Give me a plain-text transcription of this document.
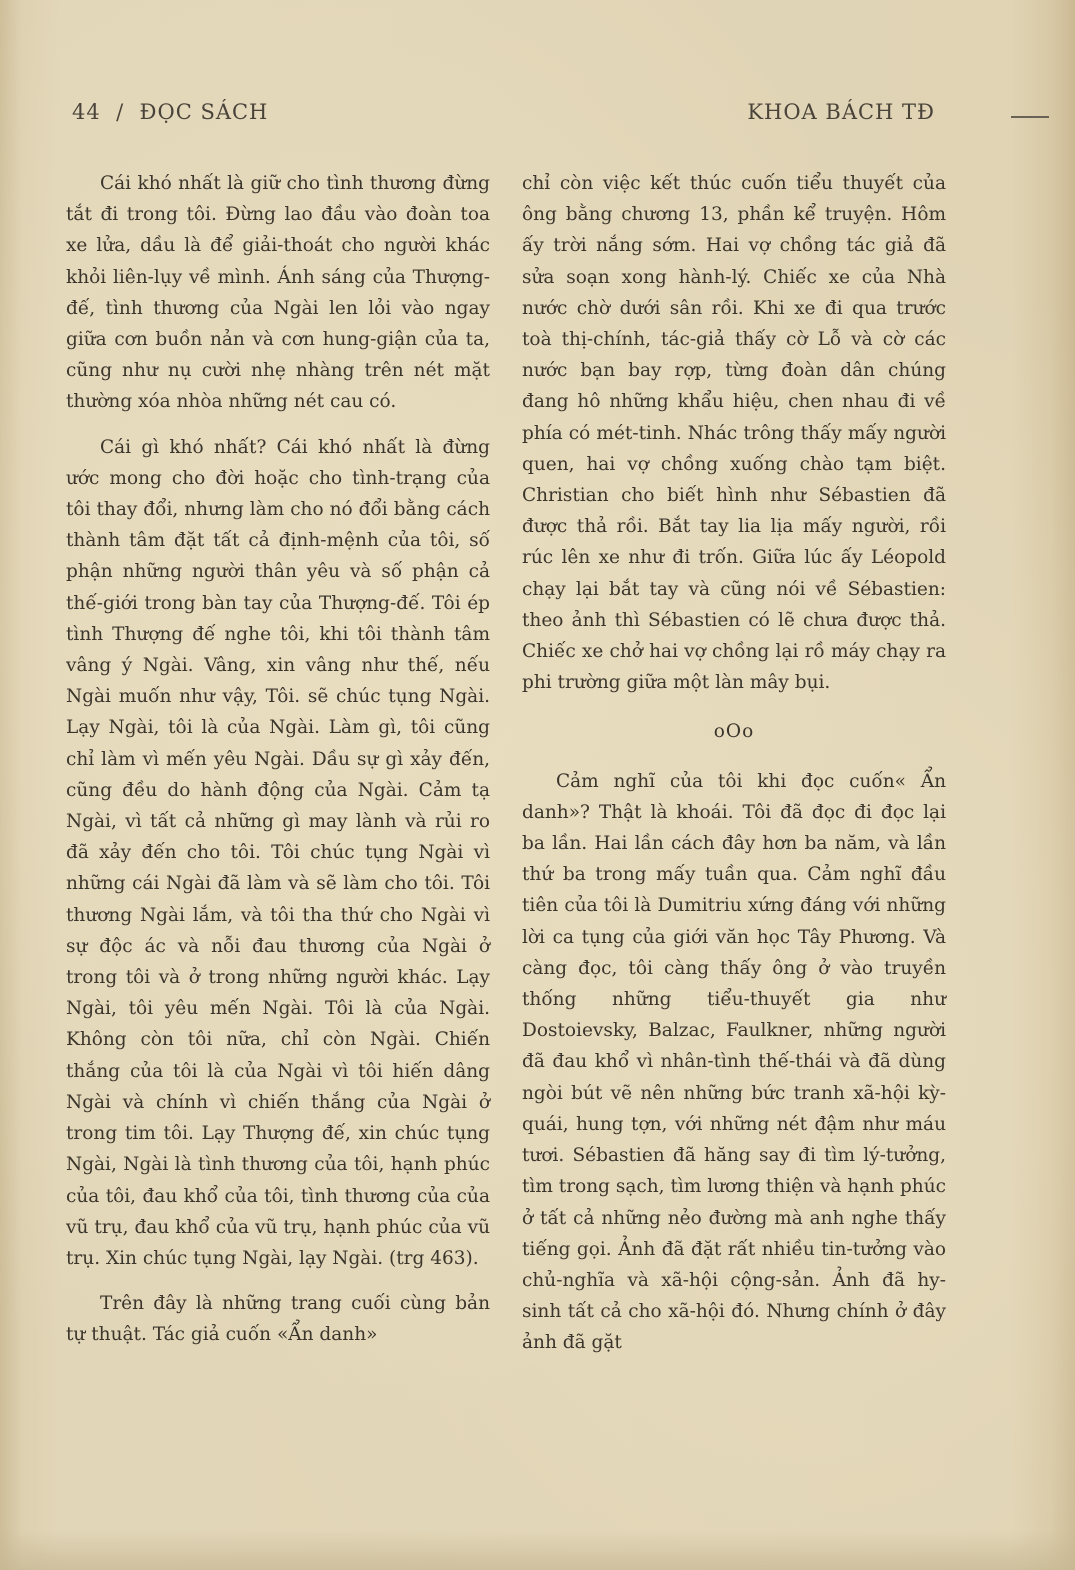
44 / ĐỌC SÁCH	KHOA BÁCH TĐ

Cái khó nhất là giữ cho tình thương đừng tắt đi trong tôi. Đừng lao đầu vào đoàn toa xe lửa, dầu là để giải-thoát cho người khác khỏi liên-lụy về mình. Ánh sáng của Thượng-đế, tình thương của Ngài len lỏi vào ngay giữa cơn buồn nản và cơn hung-giận của ta, cũng như nụ cười nhẹ nhàng trên nét mặt thường xóa nhòa những nét cau có.

Cái gì khó nhất? Cái khó nhất là đừng ước mong cho đời hoặc cho tình-trạng của tôi thay đổi, nhưng làm cho nó đổi bằng cách thành tâm đặt tất cả định-mệnh của tôi, số phận những người thân yêu và số phận cả thế-giới trong bàn tay của Thượng-đế. Tôi ép tình Thượng đế nghe tôi, khi tôi thành tâm vâng ý Ngài. Vâng, xin vâng như thế, nếu Ngài muốn như vậy, Tôi. sẽ chúc tụng Ngài. Lạy Ngài, tôi là của Ngài. Làm gì, tôi cũng chỉ làm vì mến yêu Ngài. Dầu sự gì xảy đến, cũng đều do hành động của Ngài. Cảm tạ Ngài, vì tất cả những gì may lành và rủi ro đã xảy đến cho tôi. Tôi chúc tụng Ngài vì những cái Ngài đã làm và sẽ làm cho tôi. Tôi thương Ngài lắm, và tôi tha thứ cho Ngài vì sự độc ác và nỗi đau thương của Ngài ở trong tôi và ở trong những người khác. Lạy Ngài, tôi yêu mến Ngài. Tôi là của Ngài. Không còn tôi nữa, chỉ còn Ngài. Chiến thắng của tôi là của Ngài vì tôi hiến dâng Ngài và chính vì chiến thắng của Ngài ở trong tim tôi. Lạy Thượng đế, xin chúc tụng Ngài, Ngài là tình thương của tôi, hạnh phúc của tôi, đau khổ của tôi, tình thương của của vũ trụ, đau khổ của vũ trụ, hạnh phúc của vũ trụ. Xin chúc tụng Ngài, lạy Ngài. (trg 463).

Trên đây là những trang cuối cùng bản tự thuật. Tác giả cuốn «Ẩn danh»

chỉ còn việc kết thúc cuốn tiểu thuyết của ông bằng chương 13, phần kể truyện. Hôm ấy trời nắng sớm. Hai vợ chồng tác giả đã sửa soạn xong hành-lý. Chiếc xe của Nhà nước chờ dưới sân rồi. Khi xe đi qua trước toà thị-chính, tác-giả thấy cờ Lỗ và cờ các nước bạn bay rợp, từng đoàn dân chúng đang hô những khẩu hiệu, chen nhau đi về phía có mét-tinh. Nhác trông thấy mấy người quen, hai vợ chồng xuống chào tạm biệt. Christian cho biết hình như Sébastien đã được thả rồi. Bắt tay lia lịa mấy người, rồi rúc lên xe như đi trốn. Giữa lúc ấy Léopold chạy lại bắt tay và cũng nói về Sébastien: theo ảnh thì Sébastien có lẽ chưa được thả. Chiếc xe chở hai vợ chồng lại rồ máy chạy ra phi trường giữa một làn mây bụi.

oOo

Cảm nghĩ của tôi khi đọc cuốn« Ẩn danh»? Thật là khoái. Tôi đã đọc đi đọc lại ba lần. Hai lần cách đây hơn ba năm, và lần thứ ba trong mấy tuần qua. Cảm nghĩ đầu tiên của tôi là Dumitriu xứng đáng với những lời ca tụng của giới văn học Tây Phương. Và càng đọc, tôi càng thấy ông ở vào truyền thống những tiểu-thuyết gia như Dostoievsky, Balzac, Faulkner, những người đã đau khổ vì nhân-tình thế-thái và đã dùng ngòi bút vẽ nên những bức tranh xã-hội kỳ-quái, hung tợn, với những nét đậm như máu tươi. Sébastien đã hăng say đi tìm lý-tưởng, tìm trong sạch, tìm lương thiện và hạnh phúc ở tất cả những nẻo đường mà anh nghe thấy tiếng gọi. Ảnh đã đặt rất nhiều tin-tưởng vào chủ-nghĩa và xã-hội cộng-sản. Ảnh đã hy-sinh tất cả cho xã-hội đó. Nhưng chính ở đây ảnh đã gặt
